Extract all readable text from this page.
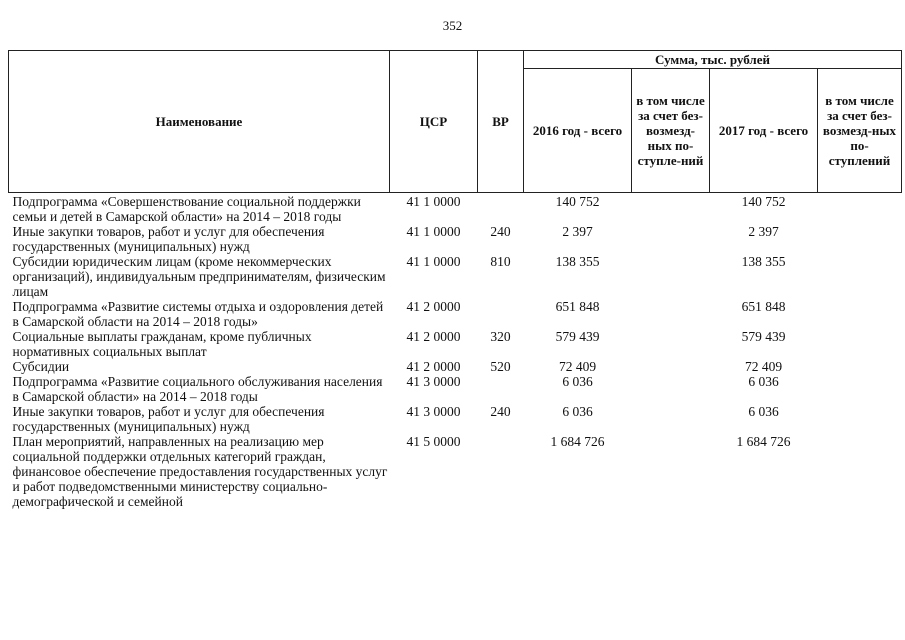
352
Наименование	ЦСР	ВР	Сумма, тыс. рублей			
			2016 год - всего	в том числе за счет без-возмезд-ных по-ступле-ний	2017 год - всего	в том числе за счет без-возмезд-ных по-ступлений
Подпрограмма «Совершенствование социальной поддержки семьи и детей в Самарской области» на 2014 – 2018 годы	41 1 0000		140 752		140 752	
Иные закупки товаров, работ и услуг для обеспечения государственных (муниципальных) нужд	41 1 0000	240	2 397		2 397	
Субсидии юридическим лицам (кроме некоммерческих организаций), индивидуальным предпринимателям, физическим лицам	41 1 0000	810	138 355		138 355	
Подпрограмма «Развитие системы отдыха и оздоровления детей в Самарской области на 2014 – 2018 годы»	41 2 0000		651 848		651 848	
Социальные выплаты гражданам, кроме публичных нормативных социальных выплат	41 2 0000	320	579 439		579 439	
Субсидии	41 2 0000	520	72 409		72 409	
Подпрограмма «Развитие социального обслуживания населения в Самарской области» на 2014 – 2018 годы	41 3 0000		6 036		6 036	
Иные закупки товаров, работ и услуг для обеспечения государственных (муниципальных) нужд	41 3 0000	240	6 036		6 036	
План мероприятий, направленных на реализацию мер социальной поддержки отдельных категорий граждан, финансовое обеспечение предоставления государственных услуг и работ подведомственными министерству социально-демографической и семейной	41 5 0000		1 684 726		1 684 726	
